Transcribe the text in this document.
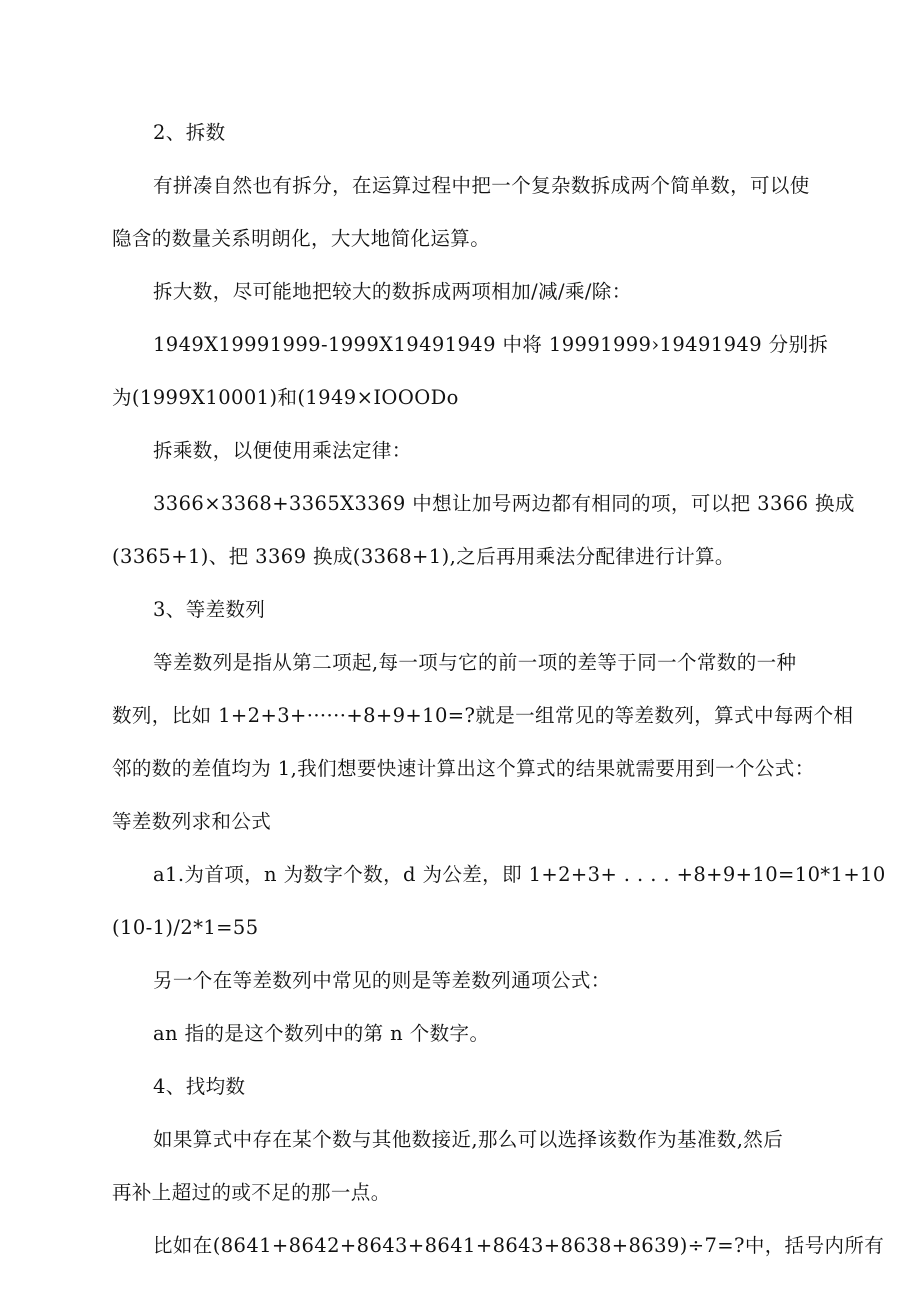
2、拆数
有拼凑自然也有拆分，在运算过程中把一个复杂数拆成两个简单数，可以使
隐含的数量关系明朗化，大大地简化运算。
拆大数，尽可能地把较大的数拆成两项相加/减/乘/除：
1949X19991999-1999X19491949 中将 19991999›19491949 分别拆
为(1999X10001)和(1949×IOOODo
拆乘数，以便使用乘法定律：
3366×3368+3365X3369 中想让加号两边都有相同的项，可以把 3366 换成
(3365+1)、把 3369 换成(3368+1),之后再用乘法分配律进行计算。
3、等差数列
等差数列是指从第二项起,每一项与它的前一项的差等于同一个常数的一种
数列，比如 1+2+3+······+8+9+10=?就是一组常见的等差数列，算式中每两个相
邻的数的差值均为 1,我们想要快速计算出这个算式的结果就需要用到一个公式：
等差数列求和公式
a1.为首项，n 为数字个数，d 为公差，即 1+2+3+ . . . . +8+9+10=10*1+10
(10-1)/2*1=55
另一个在等差数列中常见的则是等差数列通项公式：
an 指的是这个数列中的第 n 个数字。
4、找均数
如果算式中存在某个数与其他数接近,那么可以选择该数作为基准数,然后
再补上超过的或不足的那一点。
比如在(8641+8642+8643+8641+8643+8638+8639)÷7=?中，括号内所有
